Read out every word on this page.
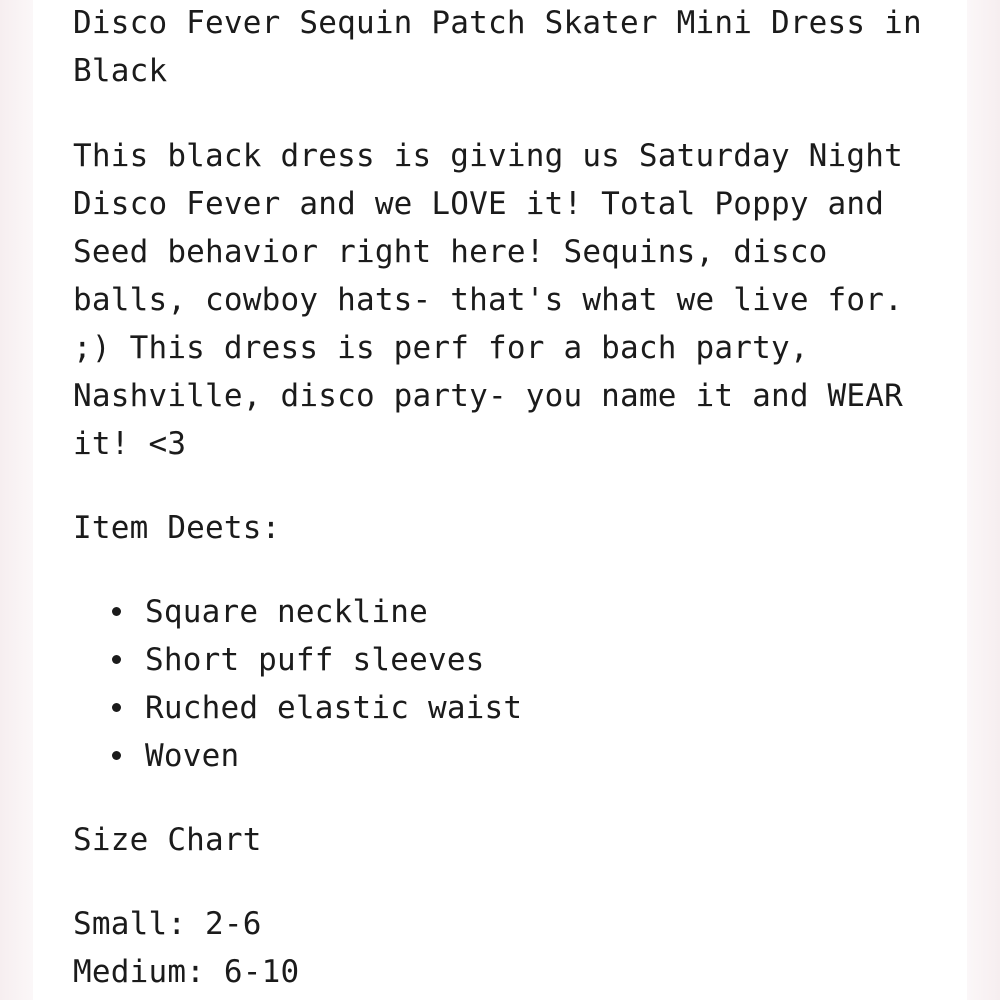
Disco Fever Sequin Patch Skater Mini Dress in Black

This black dress is giving us Saturday Night Disco Fever and we LOVE it! Total Poppy and Seed behavior right here! Sequins, disco balls, cowboy hats- that's what we live for. ;) This dress is perf for a bach party, Nashville, disco party- you name it and WEAR it! <3

Item Deets:

Square neckline
Short puff sleeves
Ruched elastic waist
Woven

Size Chart

Small: 2-6
Medium: 6-10
